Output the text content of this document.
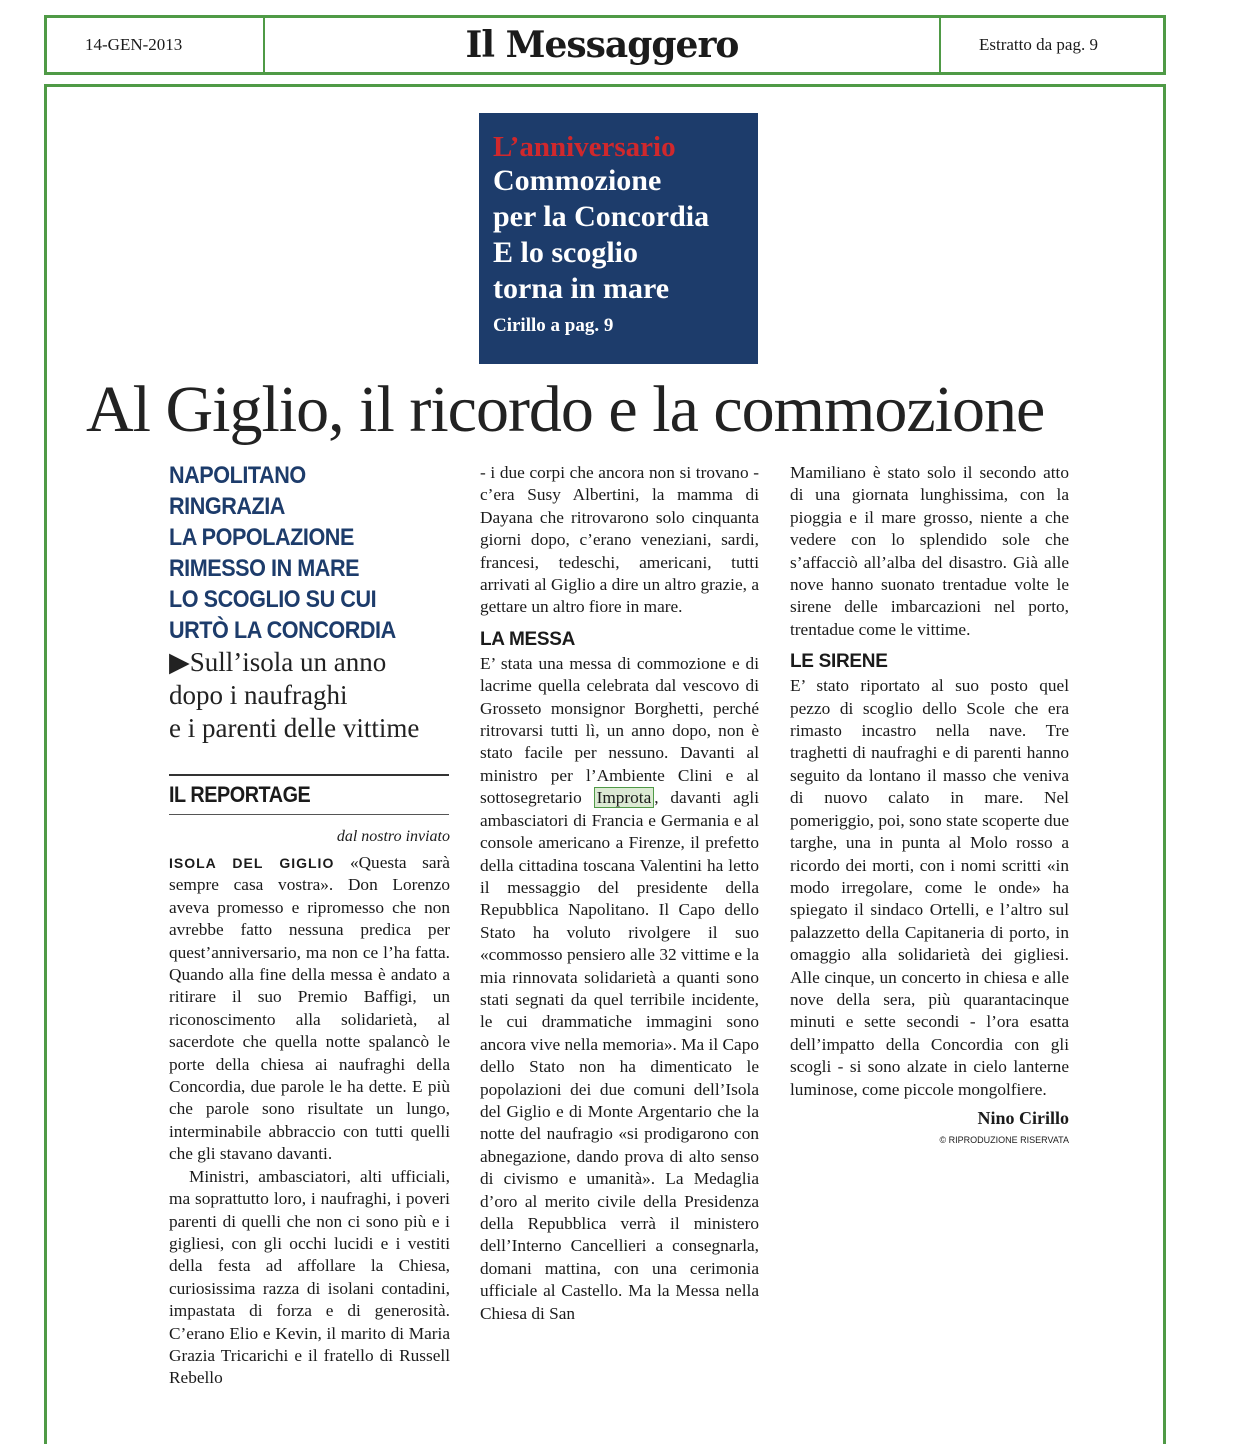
14-GEN-2013	Il Messaggero	Estratto da pag. 9
L’anniversario
Commozione
per la Concordia
E lo scoglio
torna in mare
Cirillo a pag. 9
Al Giglio, il ricordo e la commozione
NAPOLITANO
RINGRAZIA
LA POPOLAZIONE
RIMESSO IN MARE
LO SCOGLIO SU CUI
URTÒ LA CONCORDIA
▶Sull’isola un anno
dopo i naufraghi
e i parenti delle vittime
IL REPORTAGE
dal nostro inviato

ISOLA DEL GIGLIO «Questa sarà sempre casa vostra». Don Lorenzo aveva promesso e ripromesso che non avrebbe fatto nessuna predica per quest’anniversario, ma non ce l’ha fatta. Quando alla fine della messa è andato a ritirare il suo Premio Baffigi, un riconoscimento alla solidarietà, al sacerdote che quella notte spalancò le porte della chiesa ai naufraghi della Concordia, due parole le ha dette. E più che parole sono risultate un lungo, interminabile abbraccio con tutti quelli che gli stavano davanti.

Ministri, ambasciatori, alti ufficiali, ma soprattutto loro, i naufraghi, i poveri parenti di quelli che non ci sono più e i gigliesi, con gli occhi lucidi e i vestiti della festa ad affollare la Chiesa, curiosissima razza di isolani contadini, impastata di forza e di generosità. C’erano Elio e Kevin, il marito di Maria Grazia Tricarichi e il fratello di Russell Rebello

- i due corpi che ancora non si trovano - c’era Susy Albertini, la mamma di Dayana che ritrovarono solo cinquanta giorni dopo, c’erano veneziani, sardi, francesi, tedeschi, americani, tutti arrivati al Giglio a dire un altro grazie, a gettare un altro fiore in mare.

LA MESSA

E’ stata una messa di commozione e di lacrime quella celebrata dal vescovo di Grosseto monsignor Borghetti, perché ritrovarsi tutti lì, un anno dopo, non è stato facile per nessuno. Davanti al ministro per l’Ambiente Clini e al sottosegretario Improta , davanti agli ambasciatori di Francia e Germania e al console americano a Firenze, il prefetto della cittadina toscana Valentini ha letto il messaggio del presidente della Repubblica Napolitano. Il Capo dello Stato ha voluto rivolgere il suo «commosso pensiero alle 32 vittime e la mia rinnovata solidarietà a quanti sono stati segnati da quel terribile incidente, le cui drammatiche immagini sono ancora vive nella memoria». Ma il Capo dello Stato non ha dimenticato le popolazioni dei due comuni dell’Isola del Giglio e di Monte Argentario che la notte del naufragio «si prodigarono con abnegazione, dando prova di alto senso di civismo e umanità». La Medaglia d’oro al merito civile della Presidenza della Repubblica verrà il ministero dell’Interno Cancellieri a consegnarla, domani mattina, con una cerimonia ufficiale al Castello. Ma la Messa nella Chiesa di San

Mamiliano è stato solo il secondo atto di una giornata lunghissima, con la pioggia e il mare grosso, niente a che vedere con lo splendido sole che s’affacciò all’alba del disastro. Già alle nove hanno suonato trentadue volte le sirene delle imbarcazioni nel porto, trentadue come le vittime.

LE SIRENE

E’ stato riportato al suo posto quel pezzo di scoglio dello Scole che era rimasto incastro nella nave. Tre traghetti di naufraghi e di parenti hanno seguito da lontano il masso che veniva di nuovo calato in mare. Nel pomeriggio, poi, sono state scoperte due targhe, una in punta al Molo rosso a ricordo dei morti, con i nomi scritti «in modo irregolare, come le onde» ha spiegato il sindaco Ortelli, e l’altro sul palazzetto della Capitaneria di porto, in omaggio alla solidarietà dei gigliesi. Alle cinque, un concerto in chiesa e alle nove della sera, più quarantacinque minuti e sette secondi - l’ora esatta dell’impatto della Concordia con gli scogli - si sono alzate in cielo lanterne luminose, come piccole mongolfiere.

Nino Cirillo
© RIPRODUZIONE RISERVATA
